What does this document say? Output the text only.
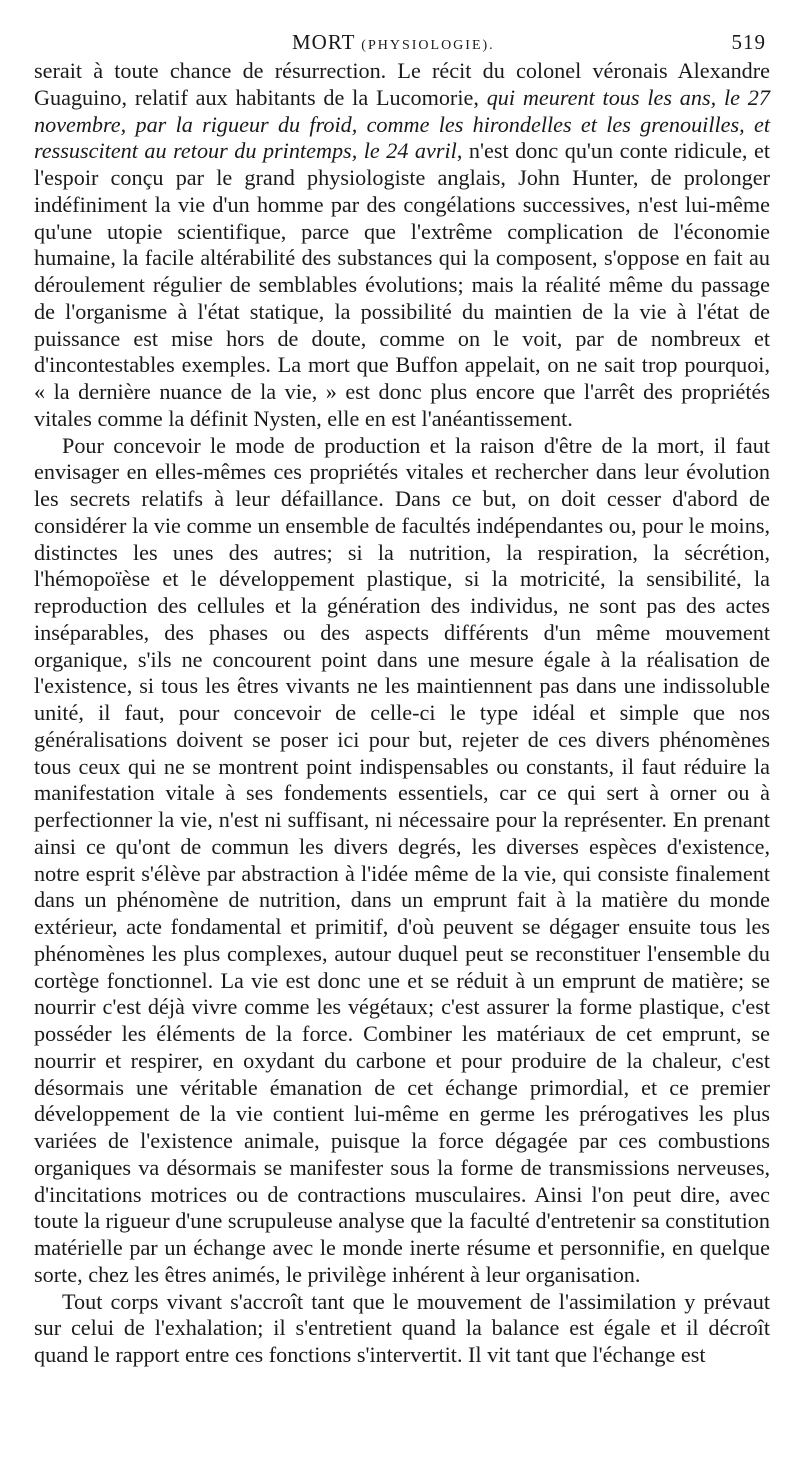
MORT (PHYSIOLOGIE).	519

serait à toute chance de résurrection. Le récit du colonel véronais Alexandre Guaguino, relatif aux habitants de la Lucomorie, qui meurent tous les ans, le 27 novembre, par la rigueur du froid, comme les hirondelles et les grenouilles, et ressuscitent au retour du printemps, le 24 avril, n'est donc qu'un conte ridicule, et l'espoir conçu par le grand physiologiste anglais, John Hunter, de prolonger indéfiniment la vie d'un homme par des congélations successives, n'est lui-même qu'une utopie scientifique, parce que l'extrême complication de l'économie humaine, la facile altérabilité des substances qui la composent, s'oppose en fait au déroulement régulier de semblables évolutions; mais la réalité même du passage de l'organisme à l'état statique, la possibilité du maintien de la vie à l'état de puissance est mise hors de doute, comme on le voit, par de nombreux et d'incontestables exemples. La mort que Buffon appelait, on ne sait trop pourquoi, « la dernière nuance de la vie, » est donc plus encore que l'arrêt des propriétés vitales comme la définit Nysten, elle en est l'anéantissement.

Pour concevoir le mode de production et la raison d'être de la mort, il faut envisager en elles-mêmes ces propriétés vitales et rechercher dans leur évolution les secrets relatifs à leur défaillance. Dans ce but, on doit cesser d'abord de considérer la vie comme un ensemble de facultés indépendantes ou, pour le moins, distinctes les unes des autres; si la nutrition, la respiration, la sécrétion, l'hémopoïèse et le développement plastique, si la motricité, la sensibilité, la reproduction des cellules et la génération des individus, ne sont pas des actes inséparables, des phases ou des aspects différents d'un même mouvement organique, s'ils ne concourent point dans une mesure égale à la réalisation de l'existence, si tous les êtres vivants ne les maintiennent pas dans une indissoluble unité, il faut, pour concevoir de celle-ci le type idéal et simple que nos généralisations doivent se poser ici pour but, rejeter de ces divers phénomènes tous ceux qui ne se montrent point indispensables ou constants, il faut réduire la manifestation vitale à ses fondements essentiels, car ce qui sert à orner ou à perfectionner la vie, n'est ni suffisant, ni nécessaire pour la représenter. En prenant ainsi ce qu'ont de commun les divers degrés, les diverses espèces d'existence, notre esprit s'élève par abstraction à l'idée même de la vie, qui consiste finalement dans un phénomène de nutrition, dans un emprunt fait à la matière du monde extérieur, acte fondamental et primitif, d'où peuvent se dégager ensuite tous les phénomènes les plus complexes, autour duquel peut se reconstituer l'ensemble du cortège fonctionnel. La vie est donc une et se réduit à un emprunt de matière; se nourrir c'est déjà vivre comme les végétaux; c'est assurer la forme plastique, c'est posséder les éléments de la force. Combiner les matériaux de cet emprunt, se nourrir et respirer, en oxydant du carbone et pour produire de la chaleur, c'est désormais une véritable émanation de cet échange primordial, et ce premier développement de la vie contient lui-même en germe les prérogatives les plus variées de l'existence animale, puisque la force dégagée par ces combustions organiques va désormais se manifester sous la forme de transmissions nerveuses, d'incitations motrices ou de contractions musculaires. Ainsi l'on peut dire, avec toute la rigueur d'une scrupuleuse analyse que la faculté d'entretenir sa constitution matérielle par un échange avec le monde inerte résume et personnifie, en quelque sorte, chez les êtres animés, le privilège inhérent à leur organisation.

Tout corps vivant s'accroît tant que le mouvement de l'assimilation y prévaut sur celui de l'exhalation; il s'entretient quand la balance est égale et il décroît quand le rapport entre ces fonctions s'intervertit. Il vit tant que l'échange est
